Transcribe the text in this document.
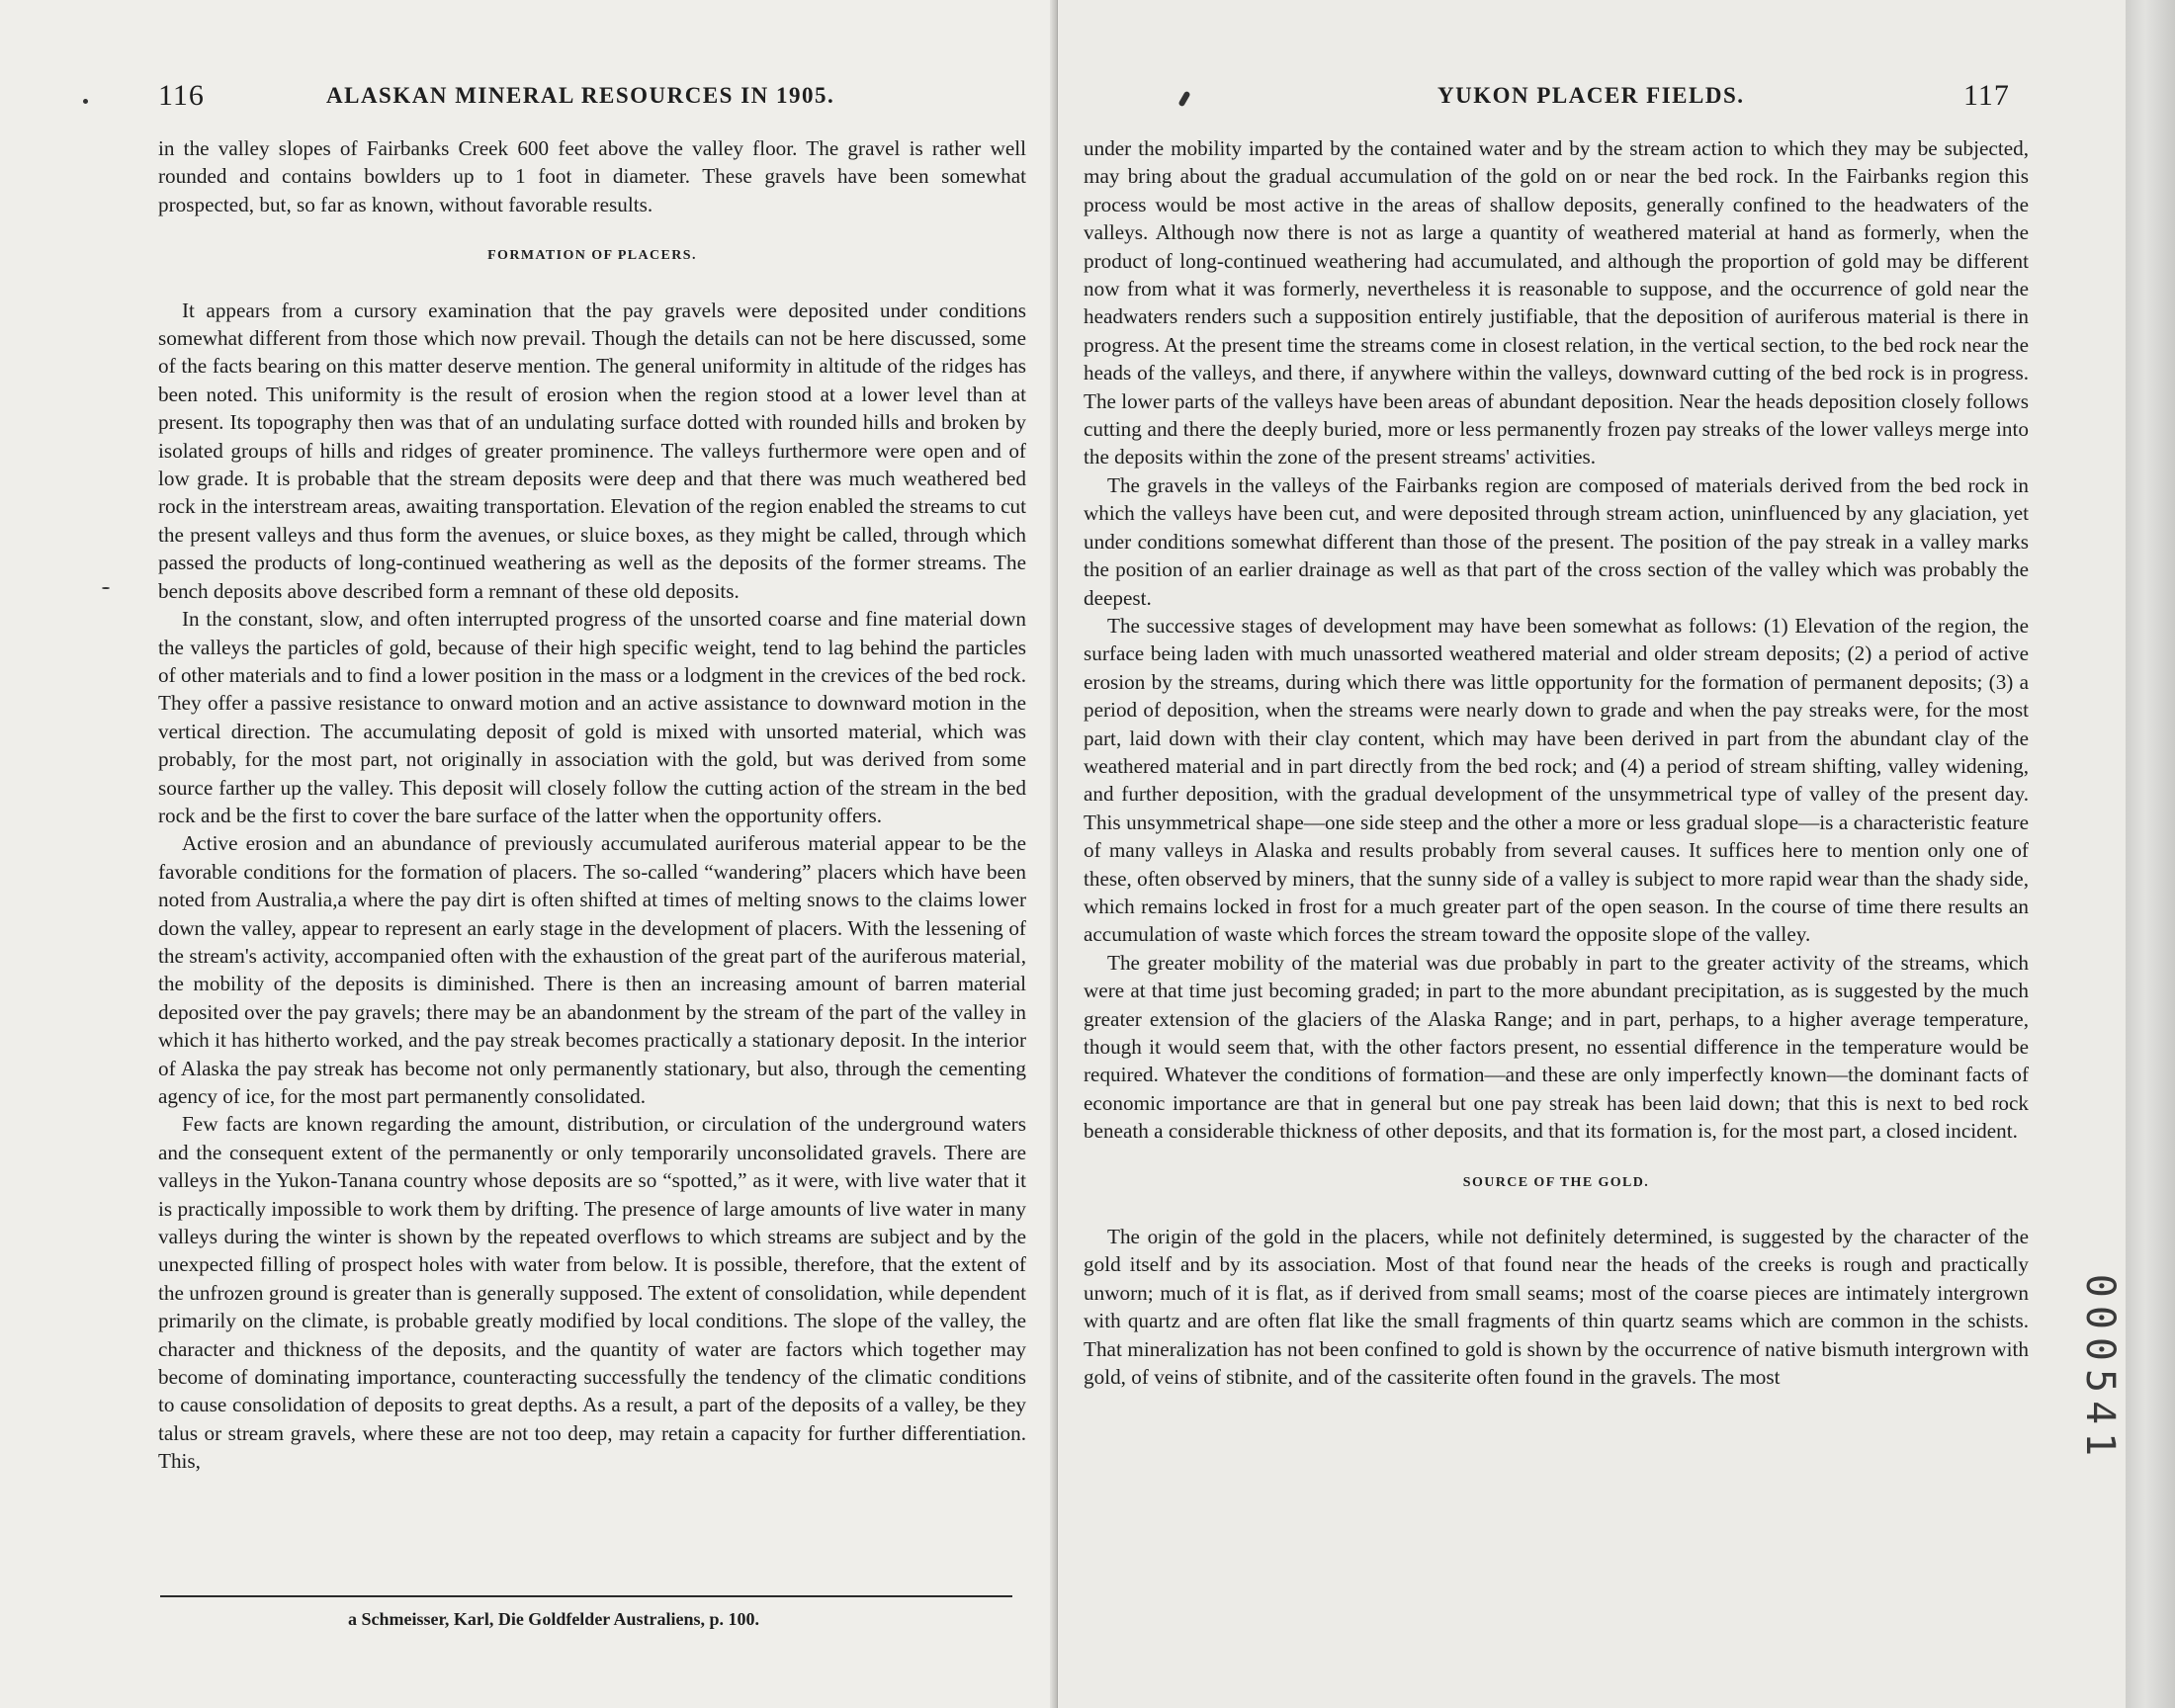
116	ALASKAN MINERAL RESOURCES IN 1905.

in the valley slopes of Fairbanks Creek 600 feet above the valley floor. The gravel is rather well rounded and contains bowlders up to 1 foot in diameter. These gravels have been somewhat prospected, but, so far as known, without favorable results.

FORMATION OF PLACERS.

It appears from a cursory examination that the pay gravels were deposited under conditions somewhat different from those which now prevail. Though the details can not be here discussed, some of the facts bearing on this matter deserve mention. The general uniformity in altitude of the ridges has been noted. This uniformity is the result of erosion when the region stood at a lower level than at present. Its topography then was that of an undulating surface dotted with rounded hills and broken by isolated groups of hills and ridges of greater prominence. The valleys furthermore were open and of low grade. It is probable that the stream deposits were deep and that there was much weathered bed rock in the interstream areas, awaiting transportation. Elevation of the region enabled the streams to cut the present valleys and thus form the avenues, or sluice boxes, as they might be called, through which passed the products of long-continued weathering as well as the deposits of the former streams. The bench deposits above described form a remnant of these old deposits.

In the constant, slow, and often interrupted progress of the unsorted coarse and fine material down the valleys the particles of gold, because of their high specific weight, tend to lag behind the particles of other materials and to find a lower position in the mass or a lodgment in the crevices of the bed rock. They offer a passive resistance to onward motion and an active assistance to downward motion in the vertical direction. The accumulating deposit of gold is mixed with unsorted material, which was probably, for the most part, not originally in association with the gold, but was derived from some source farther up the valley. This deposit will closely follow the cutting action of the stream in the bed rock and be the first to cover the bare surface of the latter when the opportunity offers.

Active erosion and an abundance of previously accumulated auriferous material appear to be the favorable conditions for the formation of placers. The so-called “wandering” placers which have been noted from Australia,a where the pay dirt is often shifted at times of melting snows to the claims lower down the valley, appear to represent an early stage in the development of placers. With the lessening of the stream's activity, accompanied often with the exhaustion of the great part of the auriferous material, the mobility of the deposits is diminished. There is then an increasing amount of barren material deposited over the pay gravels; there may be an abandonment by the stream of the part of the valley in which it has hitherto worked, and the pay streak becomes practically a stationary deposit. In the interior of Alaska the pay streak has become not only permanently stationary, but also, through the cementing agency of ice, for the most part permanently consolidated.

Few facts are known regarding the amount, distribution, or circulation of the underground waters and the consequent extent of the permanently or only temporarily unconsolidated gravels. There are valleys in the Yukon-Tanana country whose deposits are so “spotted,” as it were, with live water that it is practically impossible to work them by drifting. The presence of large amounts of live water in many valleys during the winter is shown by the repeated overflows to which streams are subject and by the unexpected filling of prospect holes with water from below. It is possible, therefore, that the extent of the unfrozen ground is greater than is generally supposed. The extent of consolidation, while dependent primarily on the climate, is probable greatly modified by local conditions. The slope of the valley, the character and thickness of the deposits, and the quantity of water are factors which together may become of dominating importance, counteracting successfully the tendency of the climatic conditions to cause consolidation of deposits to great depths. As a result, a part of the deposits of a valley, be they talus or stream gravels, where these are not too deep, may retain a capacity for further differentiation. This,

a Schmeisser, Karl, Die Goldfelder Australiens, p. 100.
YUKON PLACER FIELDS.	117

under the mobility imparted by the contained water and by the stream action to which they may be subjected, may bring about the gradual accumulation of the gold on or near the bed rock. In the Fairbanks region this process would be most active in the areas of shallow deposits, generally confined to the headwaters of the valleys. Although now there is not as large a quantity of weathered material at hand as formerly, when the product of long-continued weathering had accumulated, and although the proportion of gold may be different now from what it was formerly, nevertheless it is reasonable to suppose, and the occurrence of gold near the headwaters renders such a supposition entirely justifiable, that the deposition of auriferous material is there in progress. At the present time the streams come in closest relation, in the vertical section, to the bed rock near the heads of the valleys, and there, if anywhere within the valleys, downward cutting of the bed rock is in progress. The lower parts of the valleys have been areas of abundant deposition. Near the heads deposition closely follows cutting and there the deeply buried, more or less permanently frozen pay streaks of the lower valleys merge into the deposits within the zone of the present streams' activities.

The gravels in the valleys of the Fairbanks region are composed of materials derived from the bed rock in which the valleys have been cut, and were deposited through stream action, uninfluenced by any glaciation, yet under conditions somewhat different than those of the present. The position of the pay streak in a valley marks the position of an earlier drainage as well as that part of the cross section of the valley which was probably the deepest.

The successive stages of development may have been somewhat as follows: (1) Elevation of the region, the surface being laden with much unassorted weathered material and older stream deposits; (2) a period of active erosion by the streams, during which there was little opportunity for the formation of permanent deposits; (3) a period of deposition, when the streams were nearly down to grade and when the pay streaks were, for the most part, laid down with their clay content, which may have been derived in part from the abundant clay of the weathered material and in part directly from the bed rock; and (4) a period of stream shifting, valley widening, and further deposition, with the gradual development of the unsymmetrical type of valley of the present day. This unsymmetrical shape—one side steep and the other a more or less gradual slope—is a characteristic feature of many valleys in Alaska and results probably from several causes. It suffices here to mention only one of these, often observed by miners, that the sunny side of a valley is subject to more rapid wear than the shady side, which remains locked in frost for a much greater part of the open season. In the course of time there results an accumulation of waste which forces the stream toward the opposite slope of the valley.

The greater mobility of the material was due probably in part to the greater activity of the streams, which were at that time just becoming graded; in part to the more abundant precipitation, as is suggested by the much greater extension of the glaciers of the Alaska Range; and in part, perhaps, to a higher average temperature, though it would seem that, with the other factors present, no essential difference in the temperature would be required. Whatever the conditions of formation—and these are only imperfectly known—the dominant facts of economic importance are that in general but one pay streak has been laid down; that this is next to bed rock beneath a considerable thickness of other deposits, and that its formation is, for the most part, a closed incident.

SOURCE OF THE GOLD.

The origin of the gold in the placers, while not definitely determined, is suggested by the character of the gold itself and by its association. Most of that found near the heads of the creeks is rough and practically unworn; much of it is flat, as if derived from small seams; most of the coarse pieces are intimately intergrown with quartz and are often flat like the small fragments of thin quartz seams which are common in the schists. That mineralization has not been confined to gold is shown by the occurrence of native bismuth intergrown with gold, of veins of stibnite, and of the cassiterite often found in the gravels. The most	000541
